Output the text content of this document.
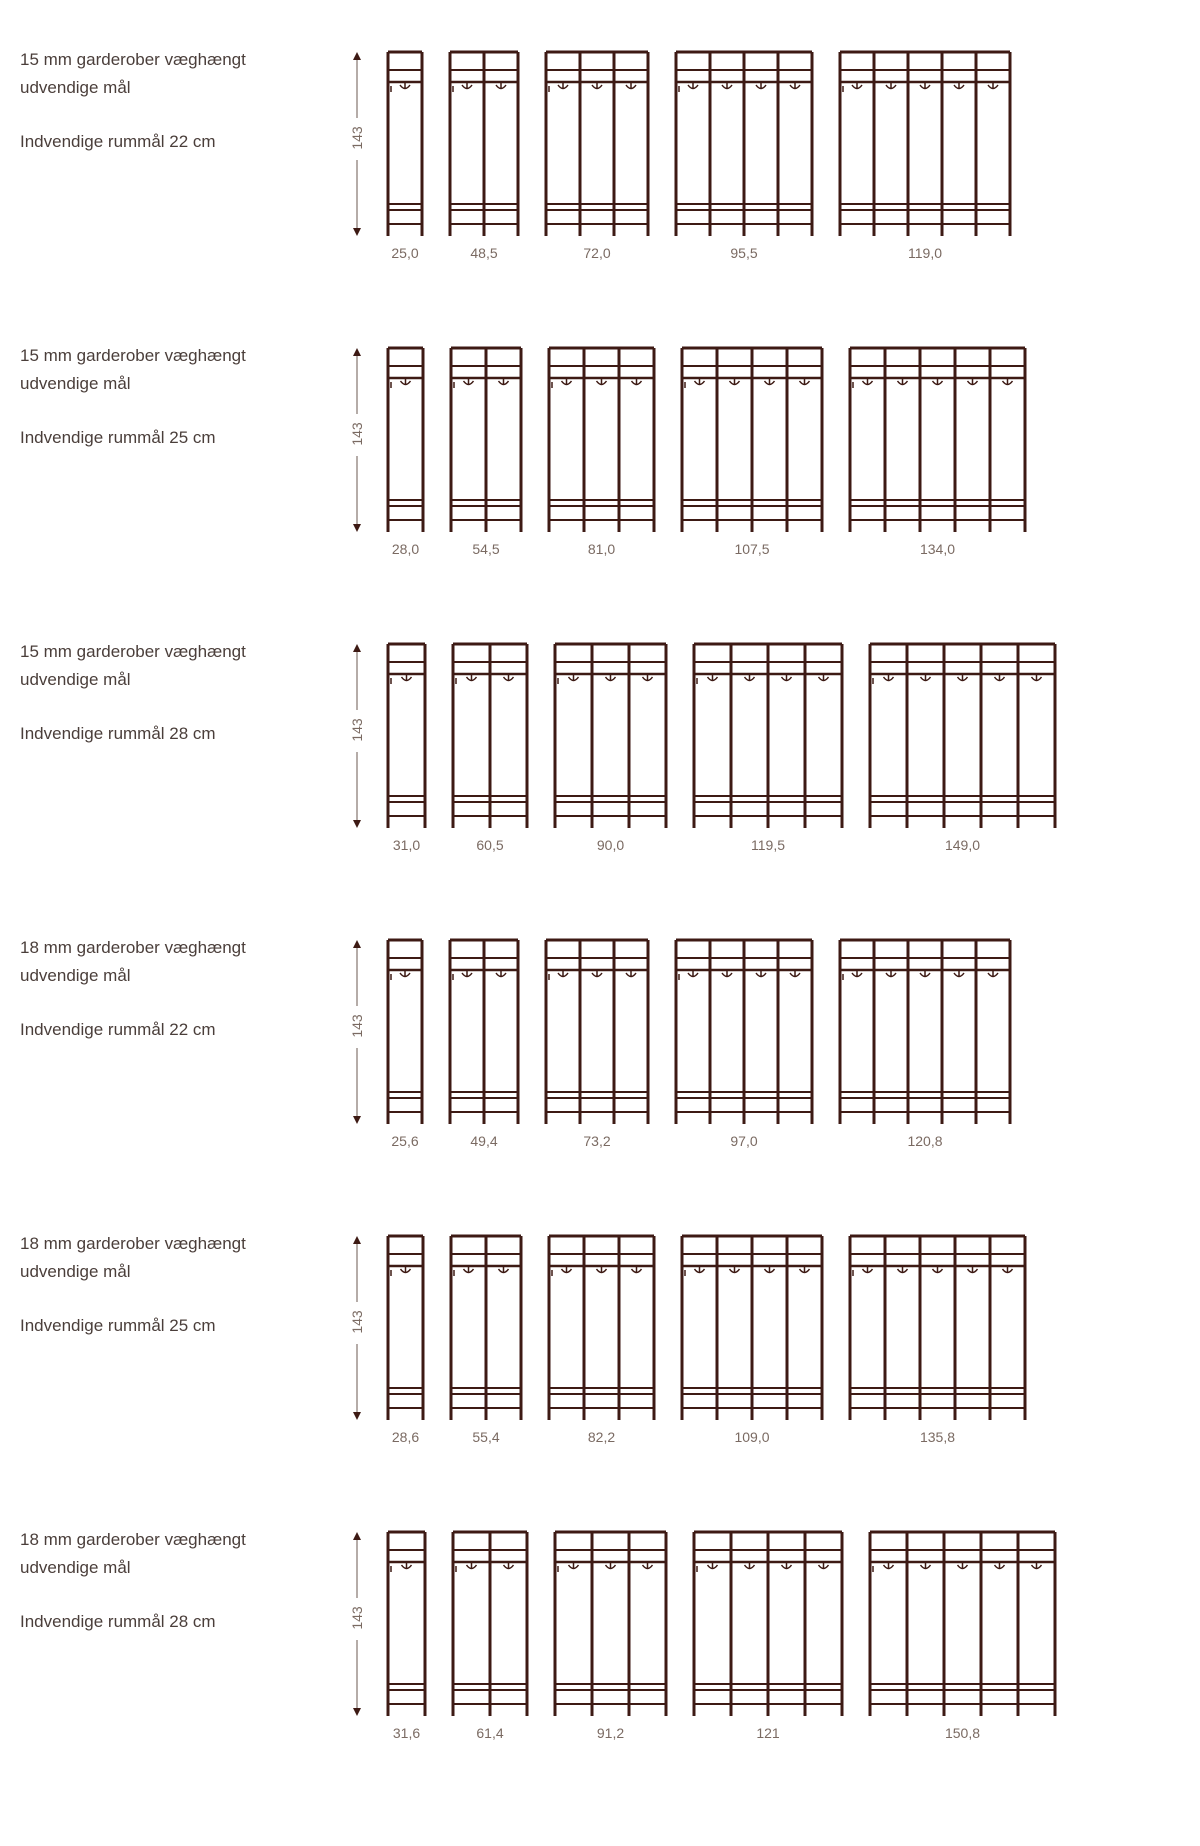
15 mm garderober væghængt
udvendige mål
Indvendige rummål 22 cm	143
25,0	48,5	72,0	95,5	119,0
15 mm garderober væghængt
udvendige mål
Indvendige rummål 25 cm	143
28,0	54,5	81,0	107,5	134,0
15 mm garderober væghængt
udvendige mål
Indvendige rummål 28 cm	143
31,0	60,5	90,0	119,5	149,0
18 mm garderober væghængt
udvendige mål
Indvendige rummål 22 cm	143
25,6	49,4	73,2	97,0	120,8
18 mm garderober væghængt
udvendige mål
Indvendige rummål 25 cm	143
28,6	55,4	82,2	109,0	135,8
18 mm garderober væghængt
udvendige mål
Indvendige rummål 28 cm	143
31,6	61,4	91,2	121	150,8
